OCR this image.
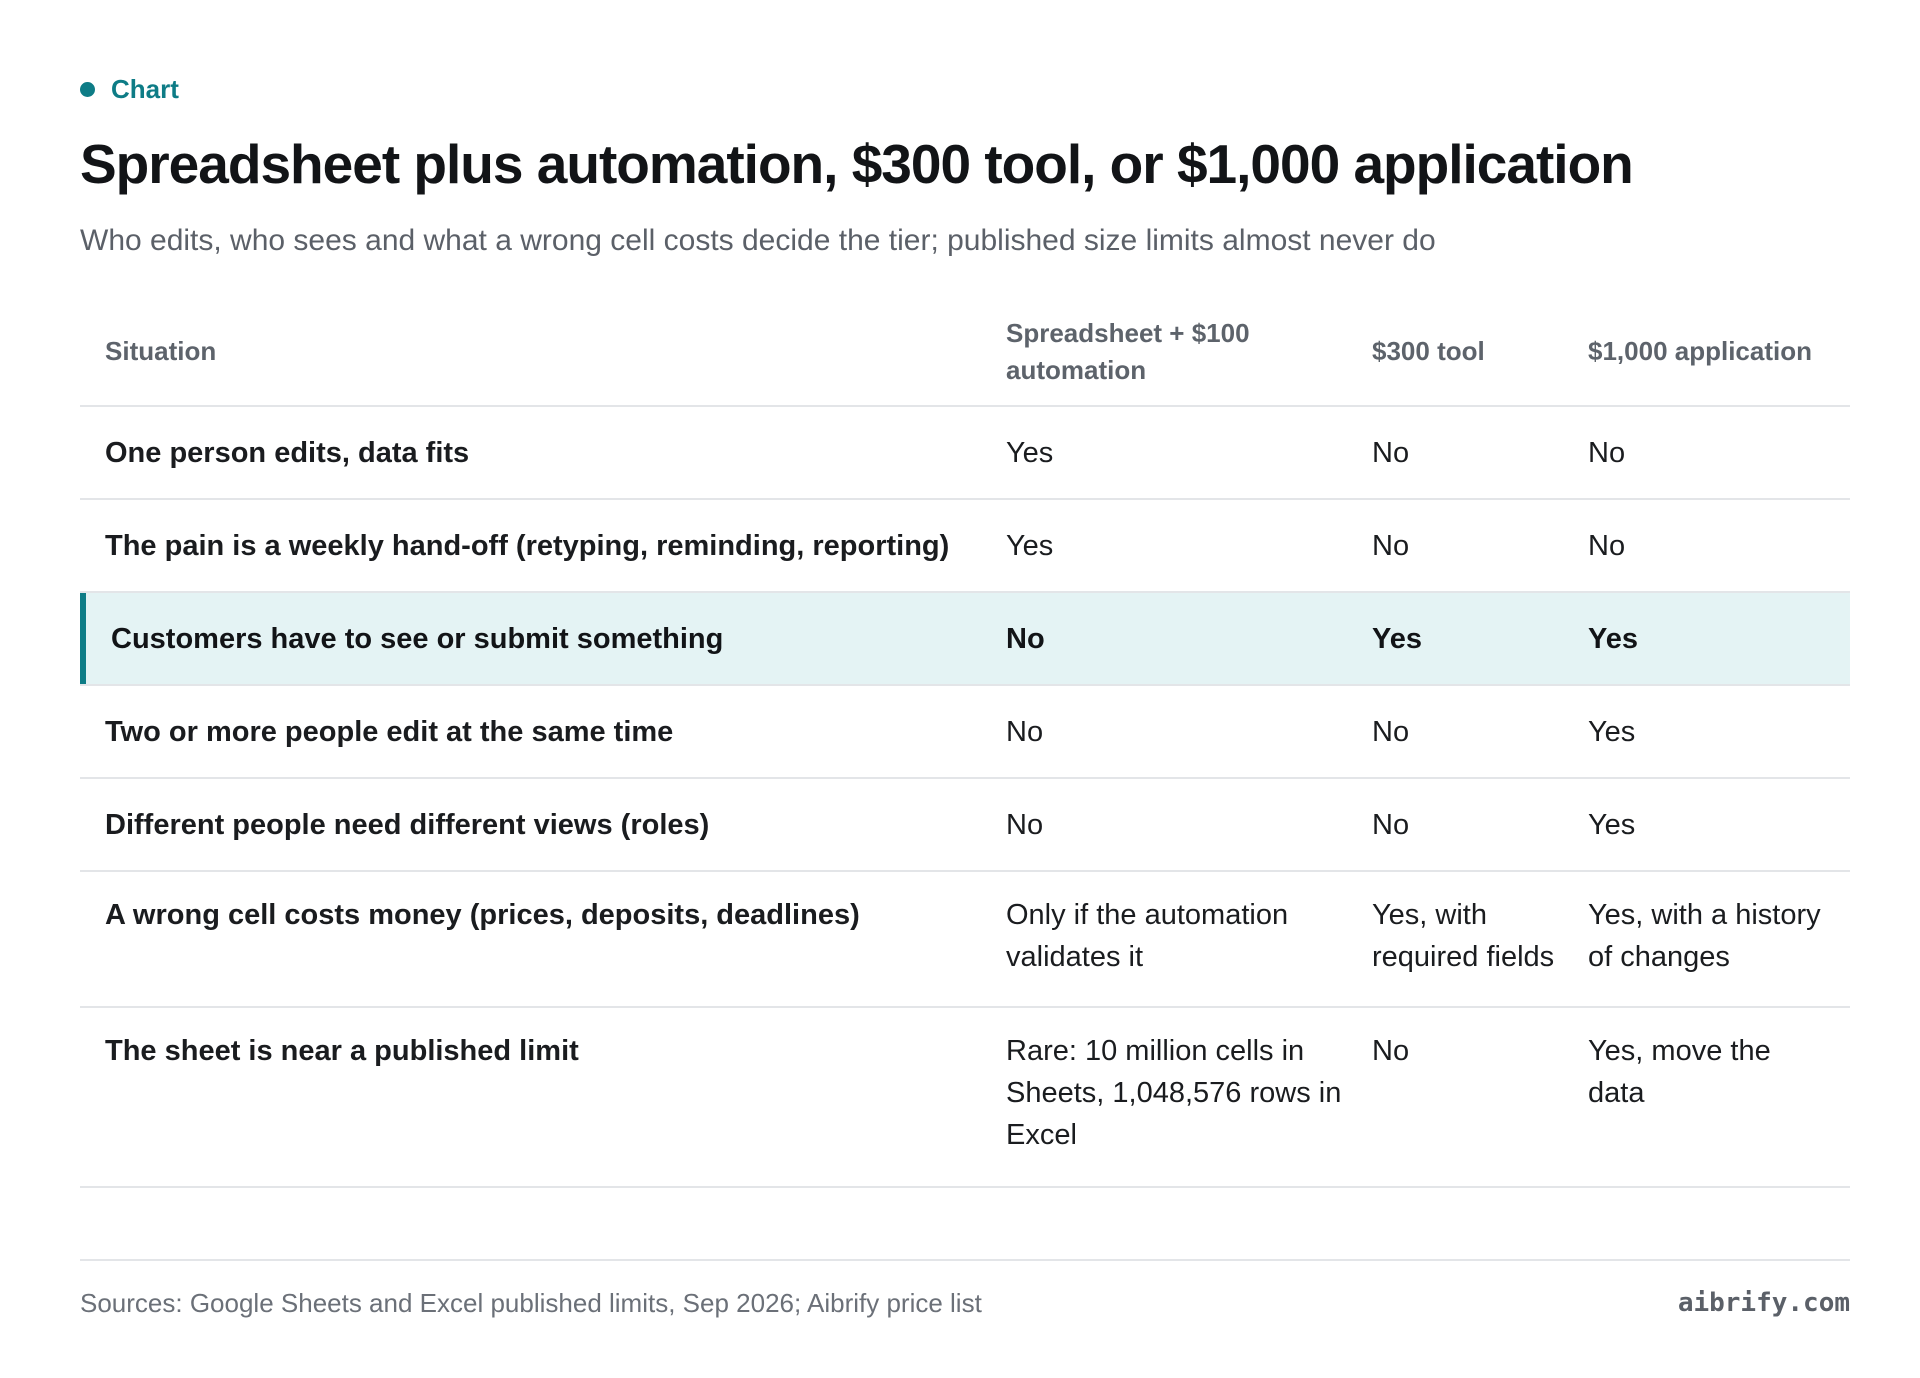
Chart
Spreadsheet plus automation, $300 tool, or $1,000 application

Who edits, who sees and what a wrong cell costs decide the tier; published size limits almost never do

Situation	Spreadsheet + $100 automation	$300 tool	$1,000 application
One person edits, data fits	Yes	No	No
The pain is a weekly hand-off (retyping, reminding, reporting)	Yes	No	No
Customers have to see or submit something	No	Yes	Yes
Two or more people edit at the same time	No	No	Yes
Different people need different views (roles)	No	No	Yes
A wrong cell costs money (prices, deposits, deadlines)	Only if the automation validates it	Yes, with required fields	Yes, with a history of changes
The sheet is near a published limit	Rare: 10 million cells in Sheets, 1,048,576 rows in Excel	No	Yes, move the data
Sources: Google Sheets and Excel published limits, Sep 2026; Aibrify price list	aibrify.com
